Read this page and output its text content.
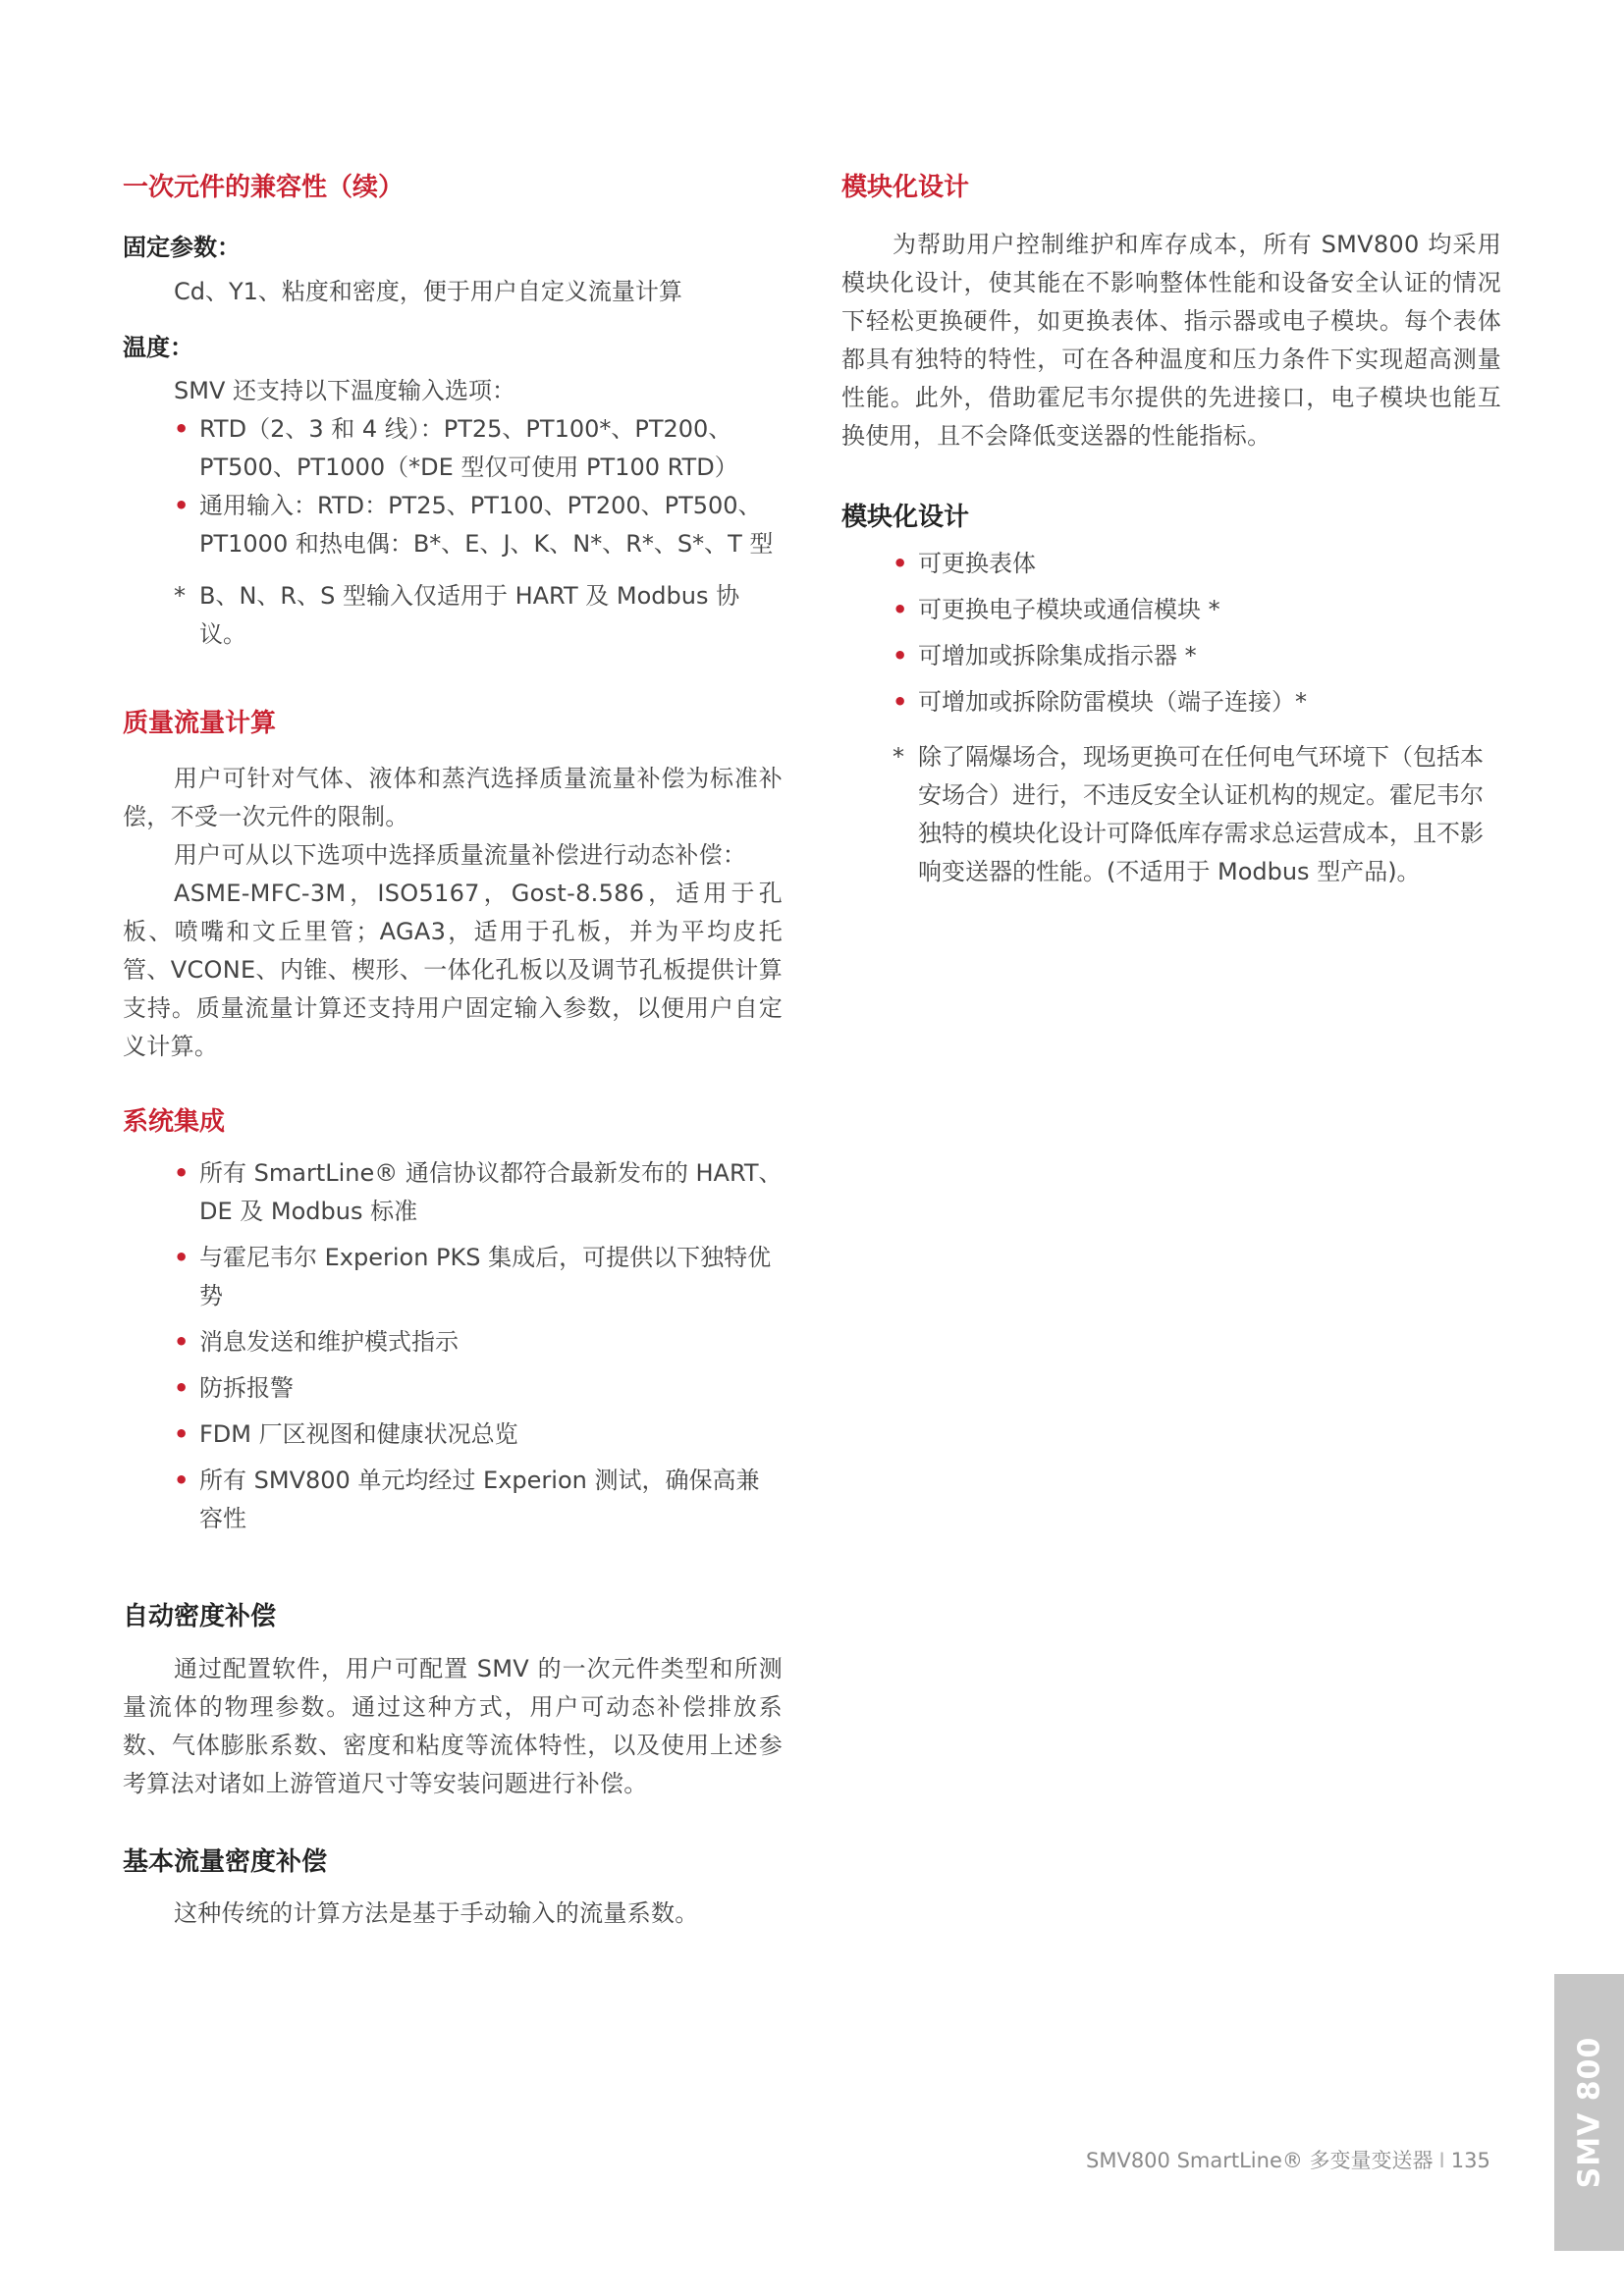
一次元件的兼容性（续）
固定参数：
Cd、Y1、粘度和密度，便于用户自定义流量计算
温度：
SMV 还支持以下温度输入选项：
• RTD（2、3 和 4 线）：PT25、PT100*、PT200、PT500、PT1000（*DE 型仅可使用 PT100 RTD）
• 通用输入：RTD：PT25、PT100、PT200、PT500、PT1000 和热电偶：B*、E、J、K、N*、R*、S*、T 型
* B、N、R、S 型输入仅适用于 HART 及 Modbus 协议。
质量流量计算

用户可针对气体、液体和蒸汽选择质量流量补偿为标准补偿，不受一次元件的限制。

用户可从以下选项中选择质量流量补偿进行动态补偿：

ASME-MFC-3M，ISO5167，Gost-8.586，适用于孔板、喷嘴和文丘里管；AGA3，适用于孔板，并为平均皮托管、VCONE、内锥、楔形、一体化孔板以及调节孔板提供计算支持。质量流量计算还支持用户固定输入参数，以便用户自定义计算。

系统集成
• 所有 SmartLine® 通信协议都符合最新发布的 HART、DE 及 Modbus 标准
• 与霍尼韦尔 Experion PKS 集成后，可提供以下独特优势
• 消息发送和维护模式指示
• 防拆报警
• FDM 厂区视图和健康状况总览
• 所有 SMV800 单元均经过 Experion 测试，确保高兼容性
自动密度补偿

通过配置软件，用户可配置 SMV 的一次元件类型和所测量流体的物理参数。通过这种方式，用户可动态补偿排放系数、气体膨胀系数、密度和粘度等流体特性，以及使用上述参考算法对诸如上游管道尺寸等安装问题进行补偿。

基本流量密度补偿

这种传统的计算方法是基于手动输入的流量系数。

模块化设计

为帮助用户控制维护和库存成本，所有 SMV800 均采用模块化设计，使其能在不影响整体性能和设备安全认证的情况下轻松更换硬件，如更换表体、指示器或电子模块。每个表体都具有独特的特性，可在各种温度和压力条件下实现超高测量性能。此外，借助霍尼韦尔提供的先进接口，电子模块也能互换使用，且不会降低变送器的性能指标。

模块化设计
• 可更换表体
• 可更换电子模块或通信模块 *
• 可增加或拆除集成指示器 *
• 可增加或拆除防雷模块（端子连接）*
* 除了隔爆场合，现场更换可在任何电气环境下（包括本安场合）进行，不违反安全认证机构的规定。霍尼韦尔独特的模块化设计可降低库存需求总运营成本，且不影响变送器的性能。(不适用于 Modbus 型产品)。
SMV800 SmartLine® 多变量变送器 I 135	SMV 800
